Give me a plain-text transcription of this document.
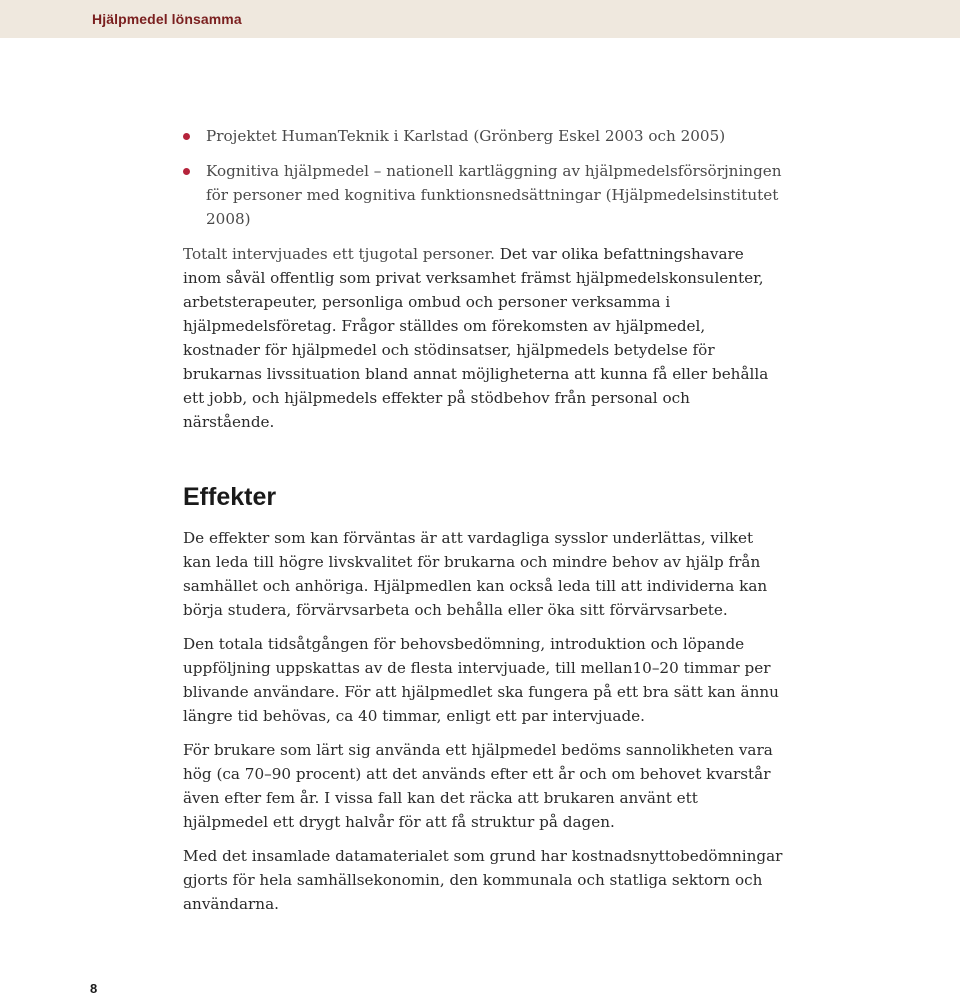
Hjälpmedel lönsamma
Projektet HumanTeknik i Karlstad (Grönberg Eskel 2003 och 2005)
Kognitiva hjälpmedel – nationell kartläggning av hjälpmedelsförsörjningen för personer med kognitiva funktionsnedsättningar (Hjälpmedelsinstitutet 2008)

Totalt intervjuades ett tjugotal personer. Det var olika befattningshavare inom såväl offentlig som privat verksamhet främst hjälpmedelskonsulenter, arbetsterapeuter, personliga ombud och personer verksamma i hjälpmedelsföretag. Frågor ställdes om förekomsten av hjälpmedel, kostnader för hjälpmedel och stödinsatser, hjälpmedels betydelse för brukarnas livssituation bland annat möjligheterna att kunna få eller behålla ett jobb, och hjälpmedels effekter på stödbehov från personal och närstående.

Effekter

De effekter som kan förväntas är att vardagliga sysslor underlättas, vilket kan leda till högre livskvalitet för brukarna och mindre behov av hjälp från samhället och anhöriga. Hjälpmedlen kan också leda till att individerna kan börja studera, förvärvsarbeta och behålla eller öka sitt förvärvsarbete.

Den totala tidsåtgången för behovsbedömning, introduktion och löpande uppföljning uppskattas av de flesta intervjuade, till mellan10–20 timmar per blivande användare. För att hjälpmedlet ska fungera på ett bra sätt kan ännu längre tid behövas, ca 40 timmar, enligt ett par intervjuade.

För brukare som lärt sig använda ett hjälpmedel bedöms sannolikheten vara hög (ca 70–90 procent) att det används efter ett år och om behovet kvarstår även efter fem år. I vissa fall kan det räcka att brukaren använt ett hjälpmedel ett drygt halvår för att få struktur på dagen.

Med det insamlade datamaterialet som grund har kostnadsnyttobedömningar gjorts för hela samhällsekonomin, den kommunala och statliga sektorn och användarna.

8
